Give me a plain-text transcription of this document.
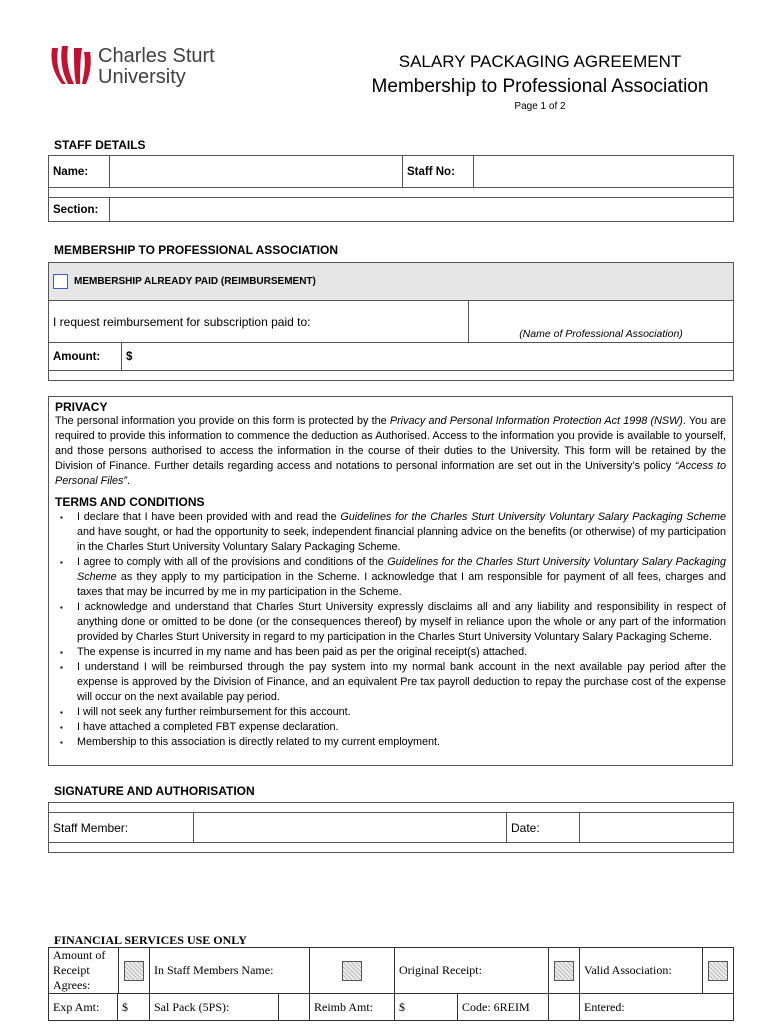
Charles Sturt
University
SALARY PACKAGING AGREEMENT
Membership to Professional Association
Page 1 of 2
STAFF DETAILS
Name:		Staff No:	

Section:			
MEMBERSHIP TO PROFESSIONAL ASSOCIATION
MEMBERSHIP ALREADY PAID (REIMBURSEMENT)		
I request reimbursement for subscription paid to:		(Name of Professional Association)
Amount:	$	

PRIVACY
The personal information you provide on this form is protected by the Privacy and Personal Information Protection Act 1998 (NSW). You are required to provide this information to commence the deduction as Authorised. Access to the information you provide is available to yourself, and those persons authorised to access the information in the course of their duties to the University. This form will be retained by the Division of Finance. Further details regarding access and notations to personal information are set out in the University’s policy “Access to Personal Files”.
TERMS AND CONDITIONS
▪ I declare that I have been provided with and read the Guidelines for the Charles Sturt University Voluntary Salary Packaging Scheme and have sought, or had the opportunity to seek, independent financial planning advice on the benefits (or otherwise) of my participation in the Charles Sturt University Voluntary Salary Packaging Scheme.
▪ I agree to comply with all of the provisions and conditions of the Guidelines for the Charles Sturt University Voluntary Salary Packaging Scheme as they apply to my participation in the Scheme. I acknowledge that I am responsible for payment of all fees, charges and taxes that may be incurred by me in my participation in the Scheme.
▪ I acknowledge and understand that Charles Sturt University expressly disclaims all and any liability and responsibility in respect of anything done or omitted to be done (or the consequences thereof) by myself in reliance upon the whole or any part of the information provided by Charles Sturt University in regard to my participation in the Charles Sturt University Voluntary Salary Packaging Scheme.
▪ The expense is incurred in my name and has been paid as per the original receipt(s) attached.
▪ I understand I will be reimbursed through the pay system into my normal bank account in the next available pay period after the expense is approved by the Division of Finance, and an equivalent Pre tax payroll deduction to repay the purchase cost of the expense will occur on the next available pay period.
▪ I will not seek any further reimbursement for this account.
▪ I have attached a completed FBT expense declaration.
▪ Membership to this association is directly related to my current employment.
SIGNATURE AND AUTHORISATION

Staff Member:		Date:	

FINANCIAL SERVICES USE ONLY
Amount of Receipt Agrees:		In Staff Members Name:			Original Receipt:			Valid Association:	

Exp Amt:	$	Sal Pack (5PS):		Reimb Amt:	$	Code: 6REIM		Entered:	
